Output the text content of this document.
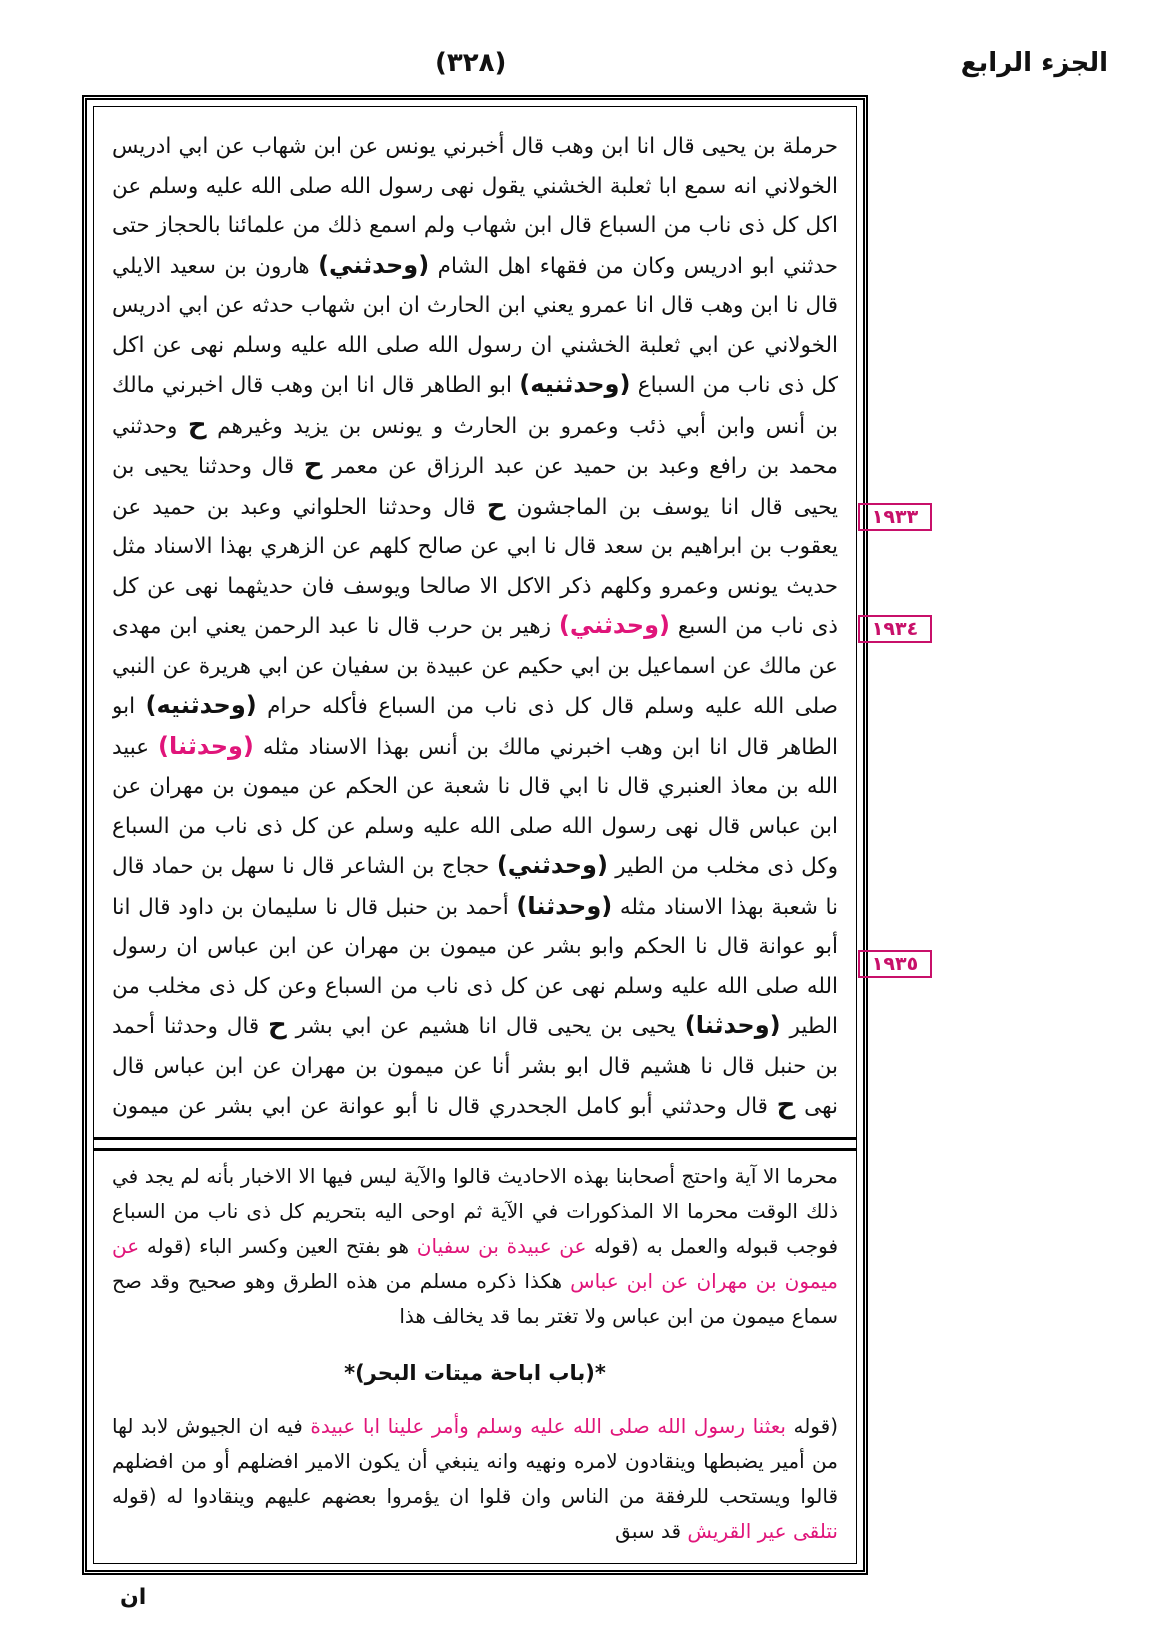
(٣٢٨)	الجزء الرابع
حرملة بن يحيى قال انا ابن وهب قال أخبرني يونس عن ابن شهاب عن ابي ادريس الخولاني انه سمع ابا ثعلبة الخشني يقول نهى رسول الله صلى الله عليه وسلم عن اكل كل ذى ناب من السباع قال ابن شهاب ولم اسمع ذلك من علمائنا بالحجاز حتى حدثني ابو ادريس وكان من فقهاء اهل الشام (وحدثني) هارون بن سعيد الايلي قال نا ابن وهب قال انا عمرو يعني ابن الحارث ان ابن شهاب حدثه عن ابي ادريس الخولاني عن ابي ثعلبة الخشني ان رسول الله صلى الله عليه وسلم نهى عن اكل كل ذى ناب من السباع (وحدثنيه) ابو الطاهر قال انا ابن وهب قال اخبرني مالك بن أنس وابن أبي ذئب وعمرو بن الحارث و يونس بن يزيد وغيرهم ح وحدثني محمد بن رافع وعبد بن حميد عن عبد الرزاق عن معمر ح قال وحدثنا يحيى بن يحيى قال انا يوسف بن الماجشون ح قال وحدثنا الحلواني وعبد بن حميد عن يعقوب بن ابراهيم بن سعد قال نا ابي عن صالح كلهم عن الزهري بهذا الاسناد مثل حديث يونس وعمرو وكلهم ذكر الاكل الا صالحا ويوسف فان حديثهما نهى عن كل ذى ناب من السبع (وحدثني) زهير بن حرب قال نا عبد الرحمن يعني ابن مهدى عن مالك عن اسماعيل بن ابي حكيم عن عبيدة بن سفيان عن ابي هريرة عن النبي صلى الله عليه وسلم قال كل ذى ناب من السباع فأكله حرام (وحدثنيه) ابو الطاهر قال انا ابن وهب اخبرني مالك بن أنس بهذا الاسناد مثله (وحدثنا) عبيد الله بن معاذ العنبري قال نا ابي قال نا شعبة عن الحكم عن ميمون بن مهران عن ابن عباس قال نهى رسول الله صلى الله عليه وسلم عن كل ذى ناب من السباع وكل ذى مخلب من الطير (وحدثني) حجاج بن الشاعر قال نا سهل بن حماد قال نا شعبة بهذا الاسناد مثله (وحدثنا) أحمد بن حنبل قال نا سليمان بن داود قال انا أبو عوانة قال نا الحكم وابو بشر عن ميمون بن مهران عن ابن عباس ان رسول الله صلى الله عليه وسلم نهى عن كل ذى ناب من السباع وعن كل ذى مخلب من الطير (وحدثنا) يحيى بن يحيى قال انا هشيم عن ابي بشر ح قال وحدثنا أحمد بن حنبل قال نا هشيم قال ابو بشر أنا عن ميمون بن مهران عن ابن عباس قال نهى ح قال وحدثني أبو كامل الجحدري قال نا أبو عوانة عن ابي بشر عن ميمون
محرما الا آية واحتج أصحابنا بهذه الاحاديث قالوا والآية ليس فيها الا الاخبار بأنه لم يجد في ذلك الوقت محرما الا المذكورات في الآية ثم اوحى اليه بتحريم كل ذى ناب من السباع فوجب قبوله والعمل به (قوله عن عبيدة بن سفيان هو بفتح العين وكسر الباء (قوله عن ميمون بن مهران عن ابن عباس هكذا ذكره مسلم من هذه الطرق وهو صحيح وقد صح سماع ميمون من ابن عباس ولا تغتر بما قد يخالف هذا
*(باب اباحة ميتات البحر)*
(قوله بعثنا رسول الله صلى الله عليه وسلم وأمر علينا ابا عبيدة فيه ان الجيوش لابد لها من أمير يضبطها وينقادون لامره ونهيه وانه ينبغي أن يكون الامير افضلهم أو من افضلهم قالوا ويستحب للرفقة من الناس وان قلوا ان يؤمروا بعضهم عليهم وينقادوا له (قوله نتلقى عير القريش قد سبق
١٩٣٣
١٩٣٤
١٩٣٥
ان
